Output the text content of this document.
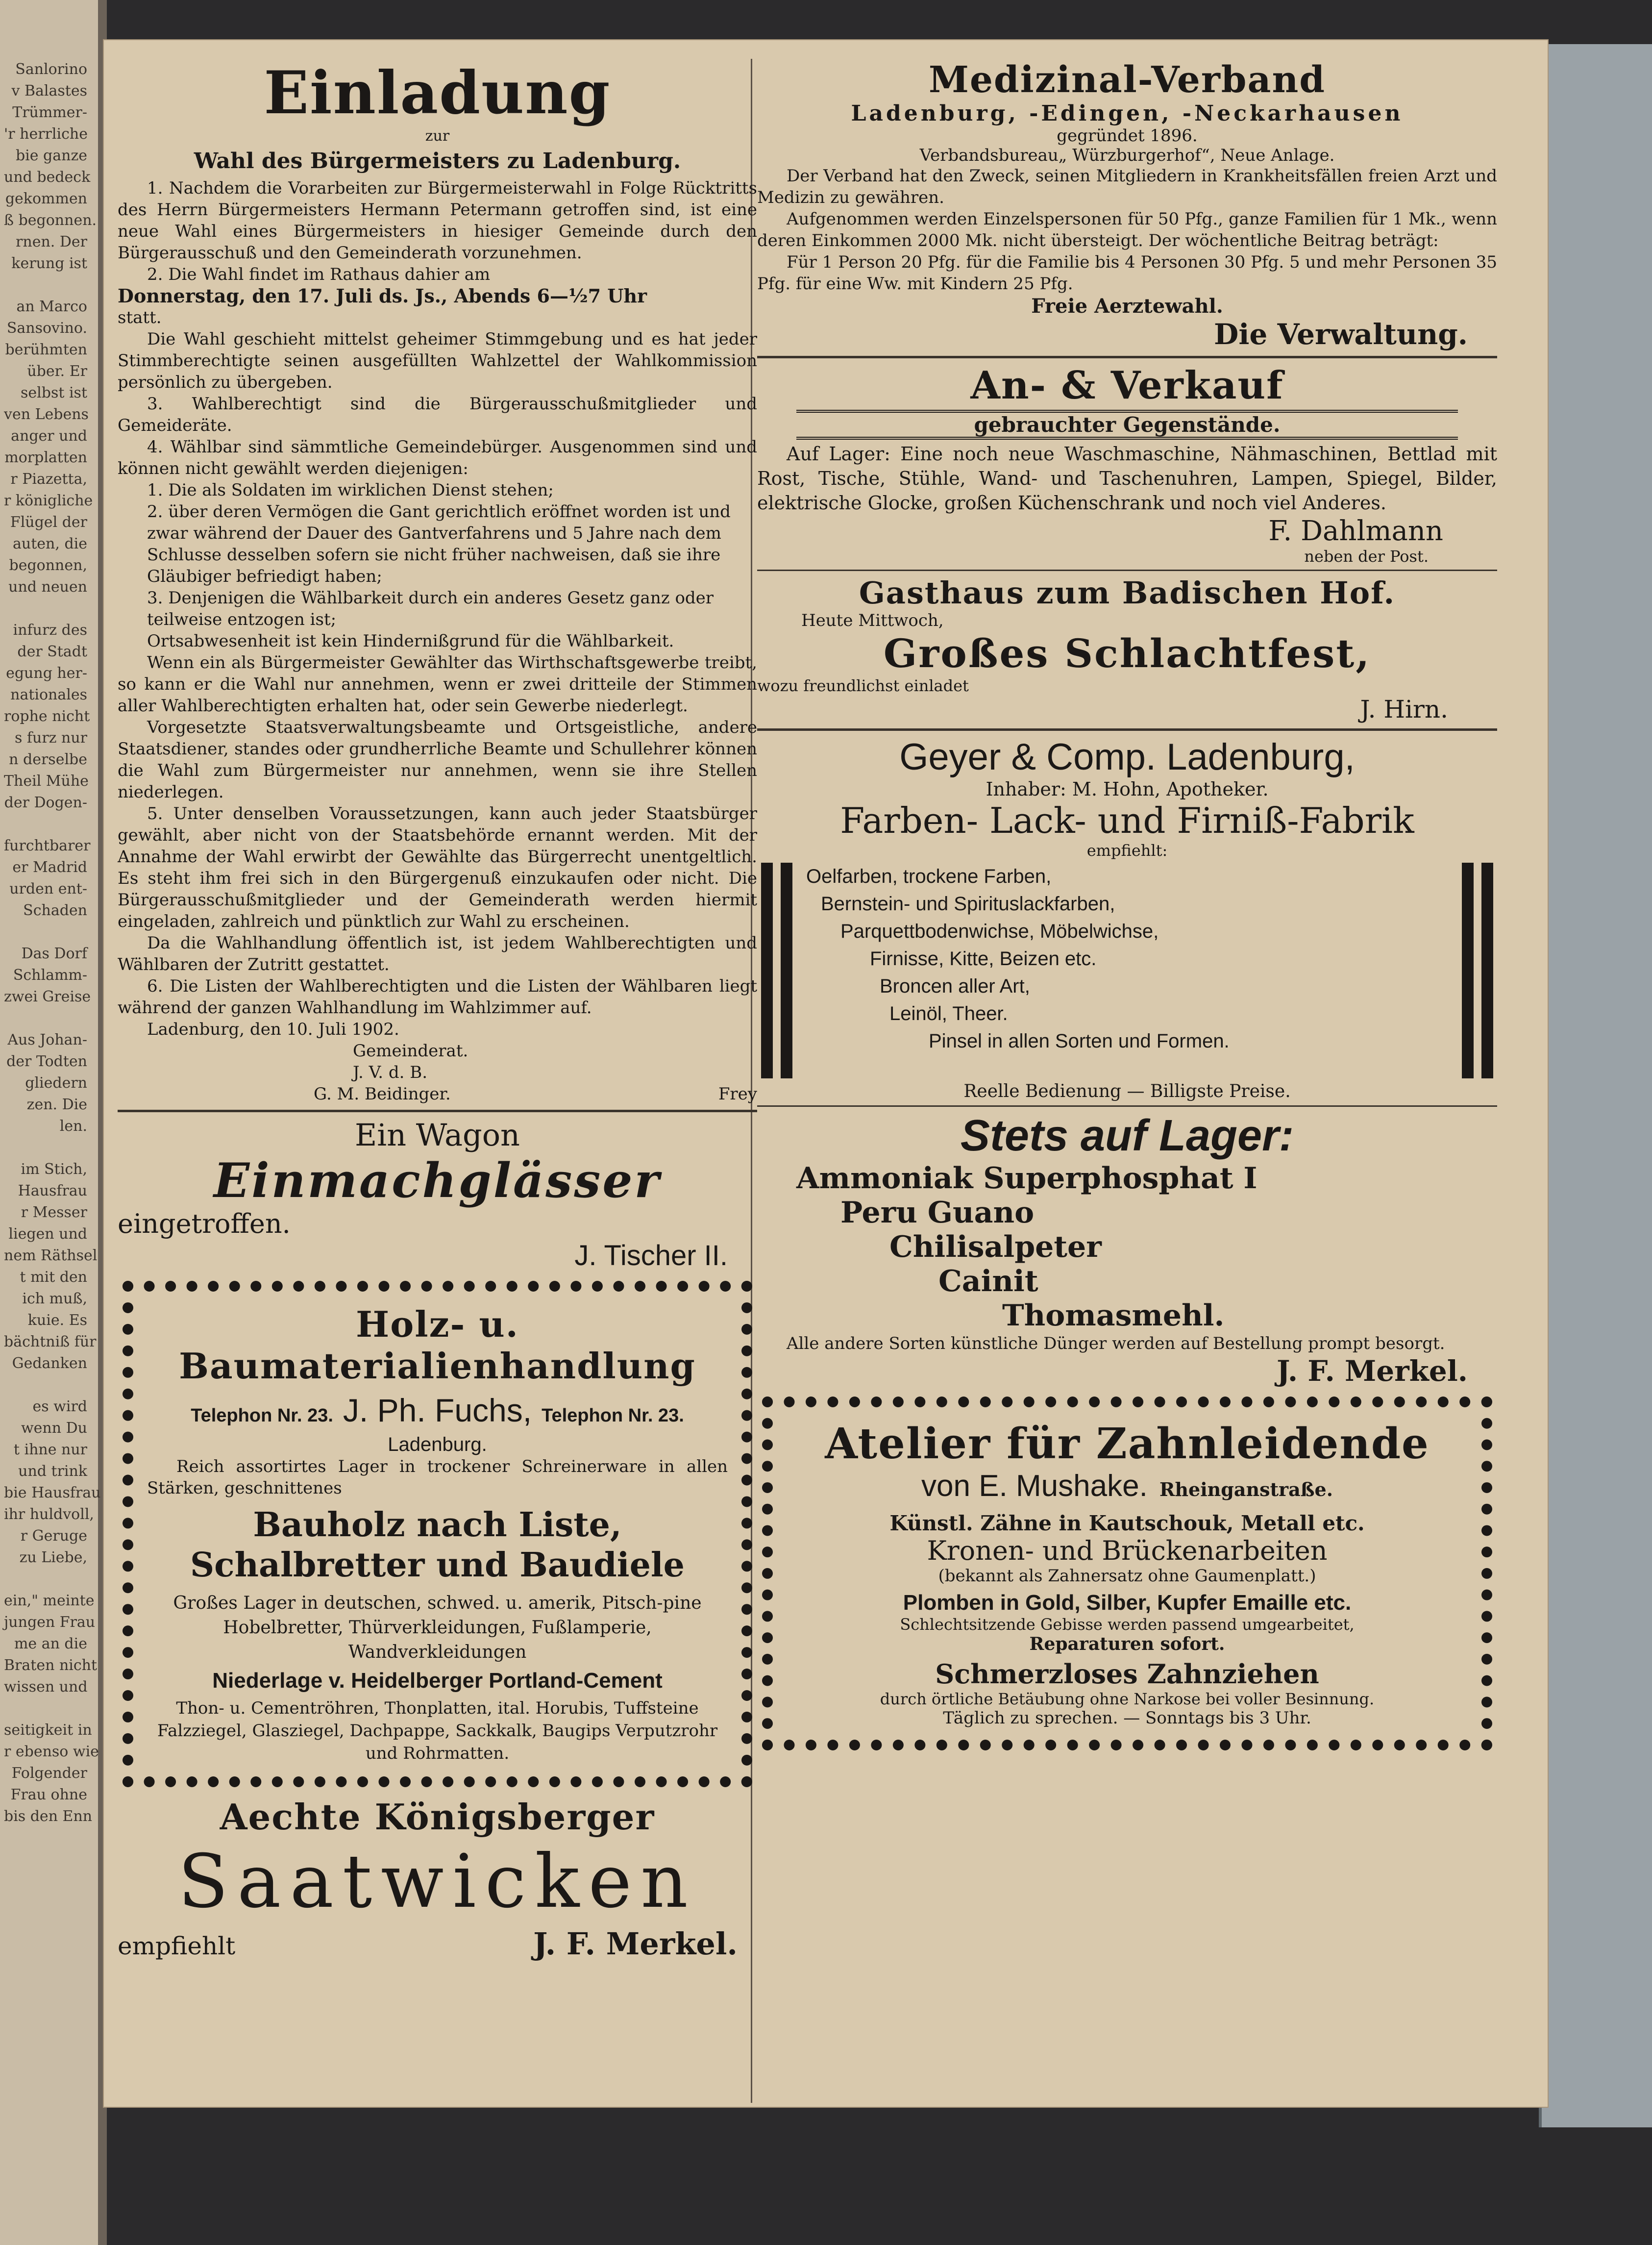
Sanlorino
v Balastes
Trümmer-
'r herrliche
bie ganze
und bedeck
gekommen
ß begonnen.
rnen. Der
kerung ist

an Marco
Sansovino.
berühmten
über. Er
selbst ist
ven Lebens
anger und
morplatten
r Piazetta,
r königliche
Flügel der
auten, die
begonnen,
und neuen

infurz des
der Stadt
egung her-
nationales
rophe nicht
s furz nur
n derselbe
Theil Mühe
der Dogen-

furchtbarer
er Madrid
urden ent-
Schaden

Das Dorf
Schlamm-
zwei Greise

Aus Johan-
der Todten
gliedern
zen. Die
len.

im Stich,
Hausfrau
r Messer
liegen und
nem Räthsel
t mit den
ich muß,
kuie. Es
bächtniß für
Gedanken

es wird
wenn Du
t ihne nur
und trink
bie Hausfrau
ihr huldvoll,
r Geruge
zu Liebe,

ein," meinte
jungen Frau
me an die
Braten nicht
wissen und

seitigkeit in
r ebenso wie
Folgender
Frau ohne
bis den Enn
Einladung
zur
Wahl des Bürgermeisters zu Ladenburg.

1. Nachdem die Vorarbeiten zur Bürgermeisterwahl in Folge Rücktritts des Herrn Bürgermeisters Hermann Petermann getroffen sind, ist eine neue Wahl eines Bürgermeisters in hiesiger Gemeinde durch den Bürgerausschuß und den Gemeinderath vorzunehmen.

2. Die Wahl findet im Rathaus dahier am

Donnerstag, den 17. Juli ds. Js., Abends 6—½7 Uhr

statt.

Die Wahl geschieht mittelst geheimer Stimmgebung und es hat jeder Stimmberechtigte seinen ausgefüllten Wahlzettel der Wahlkommission persönlich zu übergeben.

3. Wahlberechtigt sind die Bürgerausschußmitglieder und Gemeideräte.

4. Wählbar sind sämmtliche Gemeindebürger. Ausgenommen sind und können nicht gewählt werden diejenigen:

1. Die als Soldaten im wirklichen Dienst stehen;

2. über deren Vermögen die Gant gerichtlich eröffnet worden ist und zwar während der Dauer des Gantverfahrens und 5 Jahre nach dem Schlusse desselben sofern sie nicht früher nachweisen, daß sie ihre Gläubiger befriedigt haben;

3. Denjenigen die Wählbarkeit durch ein anderes Gesetz ganz oder teilweise entzogen ist;

Ortsabwesenheit ist kein Hindernißgrund für die Wählbarkeit.

Wenn ein als Bürgermeister Gewählter das Wirthschaftsgewerbe treibt, so kann er die Wahl nur annehmen, wenn er zwei dritteile der Stimmen aller Wahlberechtigten erhalten hat, oder sein Gewerbe niederlegt.

Vorgesetzte Staatsverwaltungsbeamte und Ortsgeistliche, andere Staatsdiener, standes oder grundherrliche Beamte und Schullehrer können die Wahl zum Bürgermeister nur annehmen, wenn sie ihre Stellen niederlegen.

5. Unter denselben Voraussetzungen, kann auch jeder Staatsbürger gewählt, aber nicht von der Staatsbehörde ernannt werden. Mit der Annahme der Wahl erwirbt der Gewählte das Bürgerrecht unentgeltlich. Es steht ihm frei sich in den Bürgergenuß einzukaufen oder nicht. Die Bürgerausschußmitglieder und der Gemeinderath werden hiermit eingeladen, zahlreich und pünktlich zur Wahl zu erscheinen.

Da die Wahlhandlung öffentlich ist, ist jedem Wahlberechtigten und Wählbaren der Zutritt gestattet.

6. Die Listen der Wahlberechtigten und die Listen der Wählbaren liegt während der ganzen Wahlhandlung im Wahlzimmer auf.

Ladenburg, den 10. Juli 1902.

Gemeinderat.
J. V. d. B.
G. M. Beidinger.	Frey
Ein Wagon
Einmachglässer
eingetroffen.
J. Tischer II.
Holz- u. Baumaterialienhandlung
Telephon Nr. 23. J. Ph. Fuchs, Telephon Nr. 23.
Ladenburg.

Reich assortirtes Lager in trockener Schreinerware in allen Stärken, geschnittenes

Bauholz nach Liste, Schalbretter und Baudiele

Großes Lager in deutschen, schwed. u. amerik, Pitsch-pine Hobelbretter, Thürverkleidungen, Fußlamperie, Wandverkleidungen

Niederlage v. Heidelberger Portland-Cement

Thon- u. Cementröhren, Thonplatten, ital. Horubis, Tuffsteine Falzziegel, Glasziegel, Dachpappe, Sackkalk, Baugips Verputzrohr und Rohrmatten.

Aechte Königsberger
Saatwicken
empfiehlt	J. F. Merkel.
Medizinal-Verband
Ladenburg, -Edingen, -Neckarhausen
gegründet 1896.
Verbandsbureau„ Würzburgerhof“, Neue Anlage.

Der Verband hat den Zweck, seinen Mitgliedern in Krankheitsfällen freien Arzt und Medizin zu gewähren.

Aufgenommen werden Einzelspersonen für 50 Pfg., ganze Familien für 1 Mk., wenn deren Einkommen 2000 Mk. nicht übersteigt. Der wöchentliche Beitrag beträgt:

Für 1 Person 20 Pfg. für die Familie bis 4 Personen 30 Pfg. 5 und mehr Personen 35 Pfg. für eine Ww. mit Kindern 25 Pfg.

Freie Aerztewahl.
Die Verwaltung.
An- & Verkauf
gebrauchter Gegenstände.

Auf Lager: Eine noch neue Waschmaschine, Nähmaschinen, Bettlad mit Rost, Tische, Stühle, Wand- und Taschenuhren, Lampen, Spiegel, Bilder, elektrische Glocke, großen Küchenschrank und noch viel Anderes.

F. Dahlmann
neben der Post.
Gasthaus zum Badischen Hof.
Heute Mittwoch,
Großes Schlachtfest,
wozu freundlichst einladet
J. Hirn.
Geyer & Comp. Ladenburg,
Inhaber: M. Hohn, Apotheker.
Farben- Lack- und Firniß-Fabrik
empfiehlt:
Oelfarben, trockene Farben,
Bernstein- und Spirituslackfarben,
Parquettbodenwichse, Möbelwichse,
Firnisse, Kitte, Beizen etc.
Broncen aller Art,
Leinöl, Theer.
Pinsel in allen Sorten und Formen.
Reelle Bedienung — Billigste Preise.
Stets auf Lager:
Ammoniak Superphosphat I
Peru Guano
Chilisalpeter
Cainit
Thomasmehl.

Alle andere Sorten künstliche Dünger werden auf Bestellung prompt besorgt.

J. F. Merkel.
Atelier für Zahnleidende
von E. Mushake. Rheinganstraße.
Künstl. Zähne in Kautschouk, Metall etc.
Kronen- und Brückenarbeiten
(bekannt als Zahnersatz ohne Gaumenplatt.)
Plomben in Gold, Silber, Kupfer Emaille etc.
Schlechtsitzende Gebisse werden passend umgearbeitet,
Reparaturen sofort.
Schmerzloses Zahnziehen
durch örtliche Betäubung ohne Narkose bei voller Besinnung.
Täglich zu sprechen. — Sonntags bis 3 Uhr.
